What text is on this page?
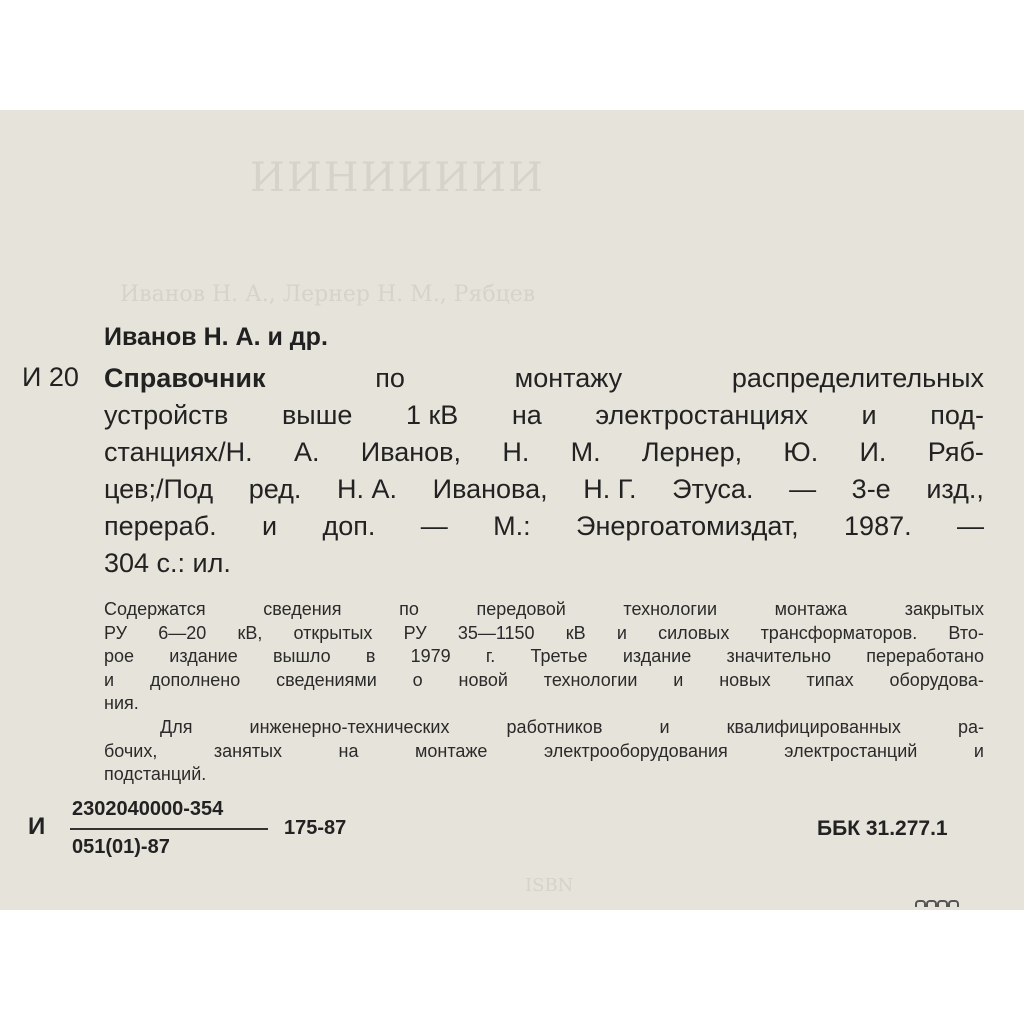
ИИНИИИИИ
Иванов Н. А., Лернер Н. М., Рябцев
ISBN
Иванов Н. А. и др.
И 20 Справочник	по	монтажу	распределительных
устройств выше 1 кВ на электростанциях и под-
станциях/Н. А. Иванов, Н. М. Лернер, Ю. И. Ряб-
цев;/Под ред. Н. А. Иванова, Н. Г. Этуса. — 3-е изд.,
перераб. и доп. — М.: Энергоатомиздат, 1987. —
304 с.: ил.
Содержатся	сведения	по	передовой	технологии	монтажа	закрытых
РУ 6—20 кВ, открытых РУ 35—1150 кВ и силовых трансформаторов. Вто-
рое издание вышло в 1979 г. Третье издание значительно переработано
и дополнено сведениями о новой технологии и новых типах оборудова-
ния.
Для	инженерно-технических	работников	и	квалифицированных	ра-
бочих,	занятых	на	монтаже	электрооборудования	электростанций	и
подстанций.
И
2302040000-354
051(01)-87
175-87	ББК 31.277.1
